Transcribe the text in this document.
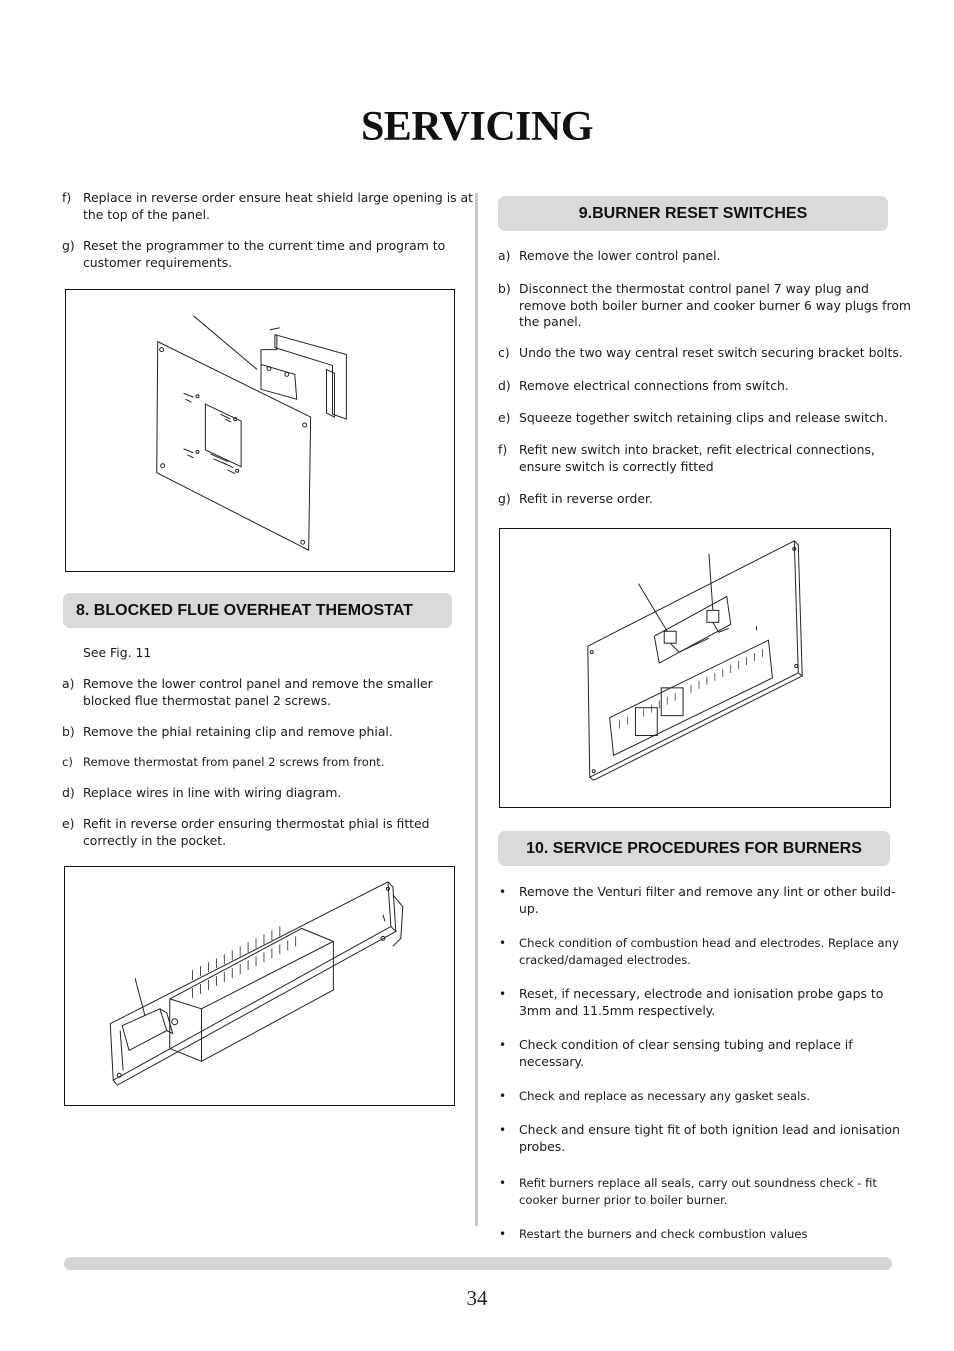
SERVICING
f) Replace in reverse order ensure heat shield large opening is at the top of the panel.
g) Reset the programmer to the current time and program to customer requirements.
8. BLOCKED FLUE OVERHEAT THEMOSTAT
See Fig. 11
a) Remove the lower control panel and remove the smaller blocked flue thermostat panel 2 screws.
b) Remove the phial retaining clip and remove phial.
c) Remove thermostat from panel 2 screws from front.
d) Replace wires in line with wiring diagram.
e) Refit in reverse order ensuring thermostat phial is fitted correctly in the pocket.
9.BURNER RESET SWITCHES
a) Remove the lower control panel.
b) Disconnect the thermostat control panel 7 way plug and remove both boiler burner and cooker burner 6 way plugs from the panel.
c) Undo the two way central reset switch securing bracket bolts.
d) Remove electrical connections from switch.
e) Squeeze together switch retaining clips and release switch.
f) Refit new switch into bracket, refit electrical connections, ensure switch is correctly fitted
g) Refit in reverse order.
10. SERVICE PROCEDURES FOR BURNERS
• Remove the Venturi filter and remove any lint or other build-up.
• Check condition of combustion head and electrodes. Replace any cracked/damaged electrodes.
• Reset, if necessary, electrode and ionisation probe gaps to 3mm and 11.5mm respectively.
• Check condition of clear sensing tubing and replace if necessary.
• Check and replace as necessary any gasket seals.
• Check and ensure tight fit of both ignition lead and ionisation probes.
• Refit burners replace all seals, carry out soundness check - fit cooker burner prior to boiler burner.
• Restart the burners and check combustion values
34
